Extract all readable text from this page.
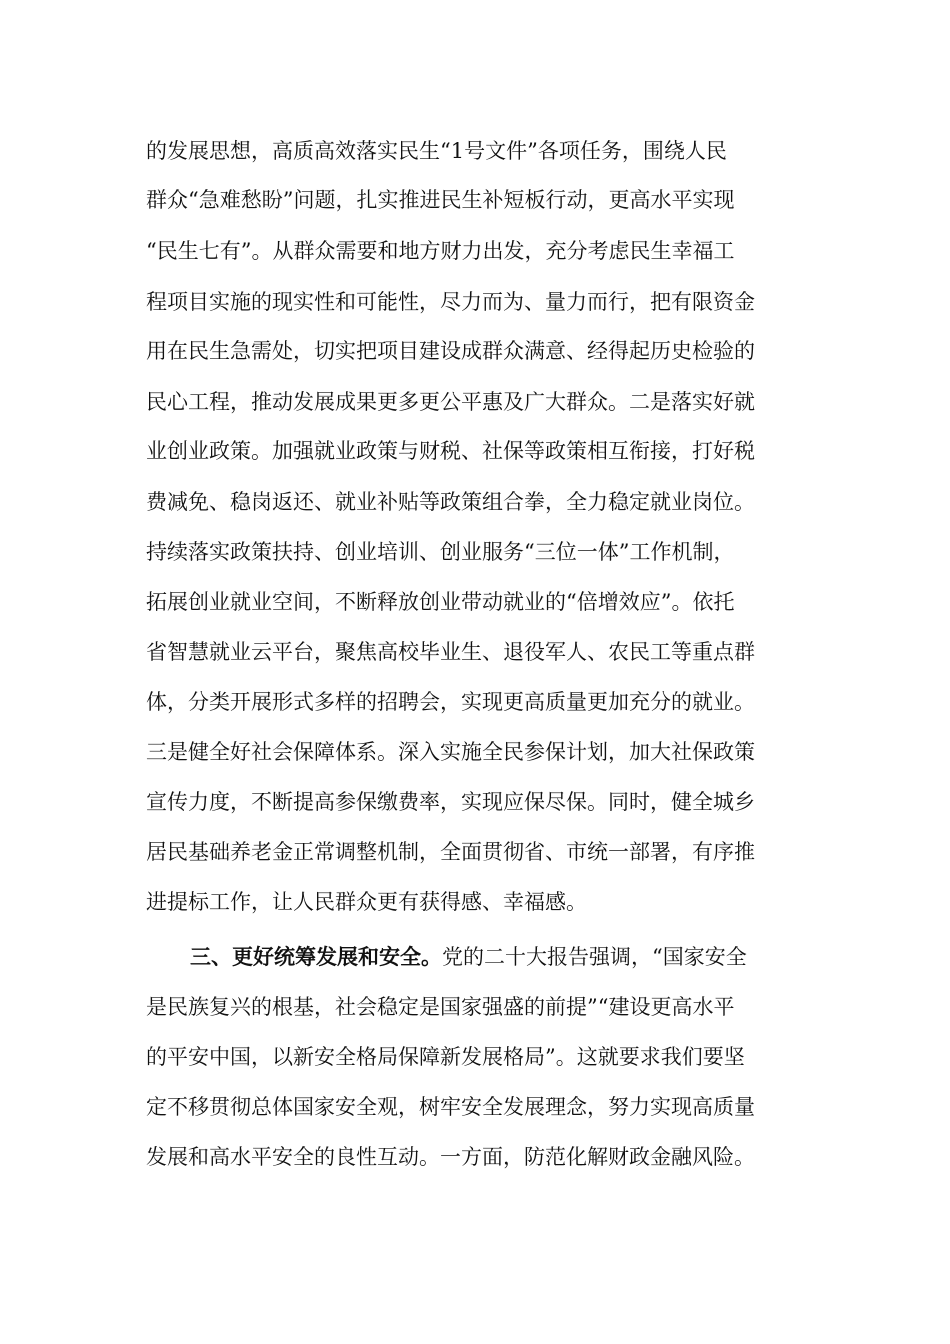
的发展思想，高质高效落实民生“1号文件”各项任务，围绕人民
群众“急难愁盼”问题，扎实推进民生补短板行动，更高水平实现
“民生七有”。从群众需要和地方财力出发，充分考虑民生幸福工
程项目实施的现实性和可能性，尽力而为、量力而行，把有限资金
用在民生急需处，切实把项目建设成群众满意、经得起历史检验的
民心工程，推动发展成果更多更公平惠及广大群众。二是落实好就
业创业政策。加强就业政策与财税、社保等政策相互衔接，打好税
费减免、稳岗返还、就业补贴等政策组合拳，全力稳定就业岗位。
持续落实政策扶持、创业培训、创业服务“三位一体”工作机制，
拓展创业就业空间，不断释放创业带动就业的“倍增效应”。依托
省智慧就业云平台，聚焦高校毕业生、退役军人、农民工等重点群
体，分类开展形式多样的招聘会，实现更高质量更加充分的就业。
三是健全好社会保障体系。深入实施全民参保计划，加大社保政策
宣传力度，不断提高参保缴费率，实现应保尽保。同时，健全城乡
居民基础养老金正常调整机制，全面贯彻省、市统一部署，有序推
进提标工作，让人民群众更有获得感、幸福感。
三、更好统筹发展和安全。党的二十大报告强调，“国家安全
是民族复兴的根基，社会稳定是国家强盛的前提”“建设更高水平
的平安中国，以新安全格局保障新发展格局”。这就要求我们要坚
定不移贯彻总体国家安全观，树牢安全发展理念，努力实现高质量
发展和高水平安全的良性互动。一方面，防范化解财政金融风险。
